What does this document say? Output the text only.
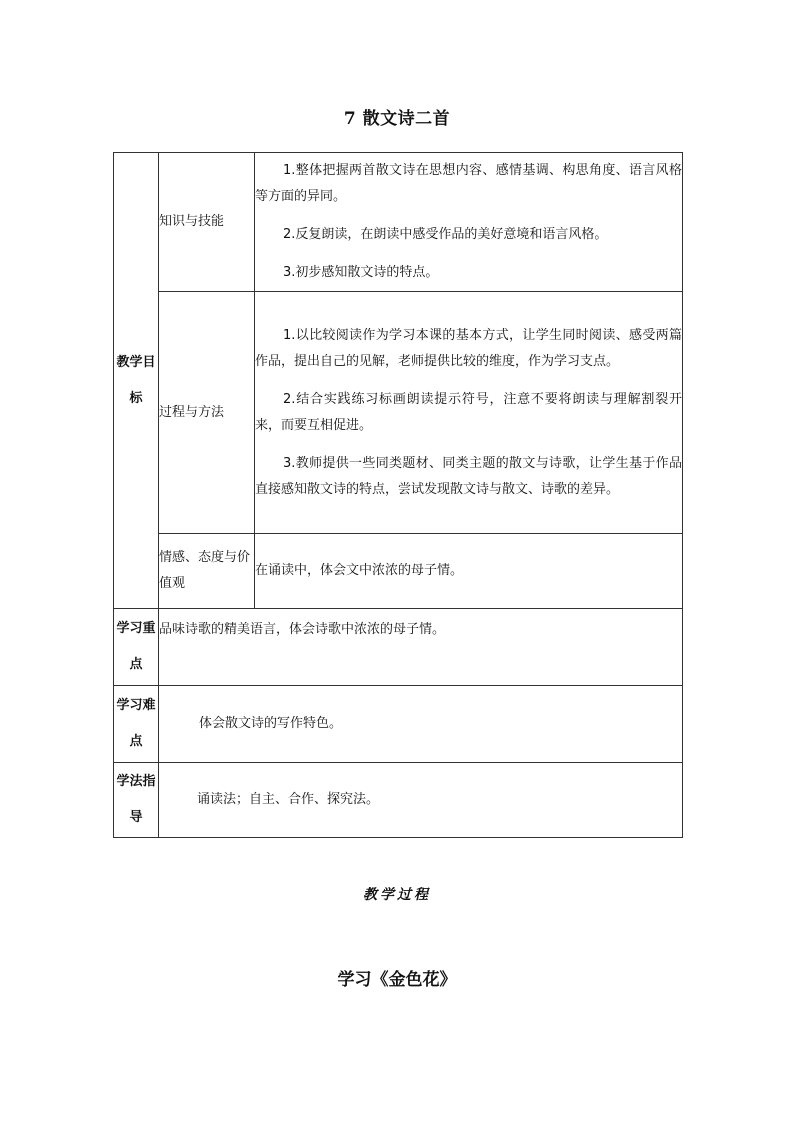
7 散文诗二首
教学目标	知识与技能	1.整体把握两首散文诗在思想内容、感情基调、构思角度、语言风格等方面的异同。

2.反复朗读，在朗读中感受作品的美好意境和语言风格。

3.初步感知散文诗的特点。

	过程与方法	1.以比较阅读作为学习本课的基本方式，让学生同时阅读、感受两篇作品，提出自己的见解，老师提供比较的维度，作为学习支点。

2.结合实践练习标画朗读提示符号，注意不要将朗读与理解割裂开来，而要互相促进。

3.教师提供一些同类题材、同类主题的散文与诗歌，让学生基于作品直接感知散文诗的特点，尝试发现散文诗与散文、诗歌的差异。

	情感、态度与价值观	在诵读中，体会文中浓浓的母子情。
学习重点	品味诗歌的精美语言，体会诗歌中浓浓的母子情。	
学习难点	体会散文诗的写作特色。	
学法指导	诵读法；自主、合作、探究法。	
教学过程
学习《金色花》
